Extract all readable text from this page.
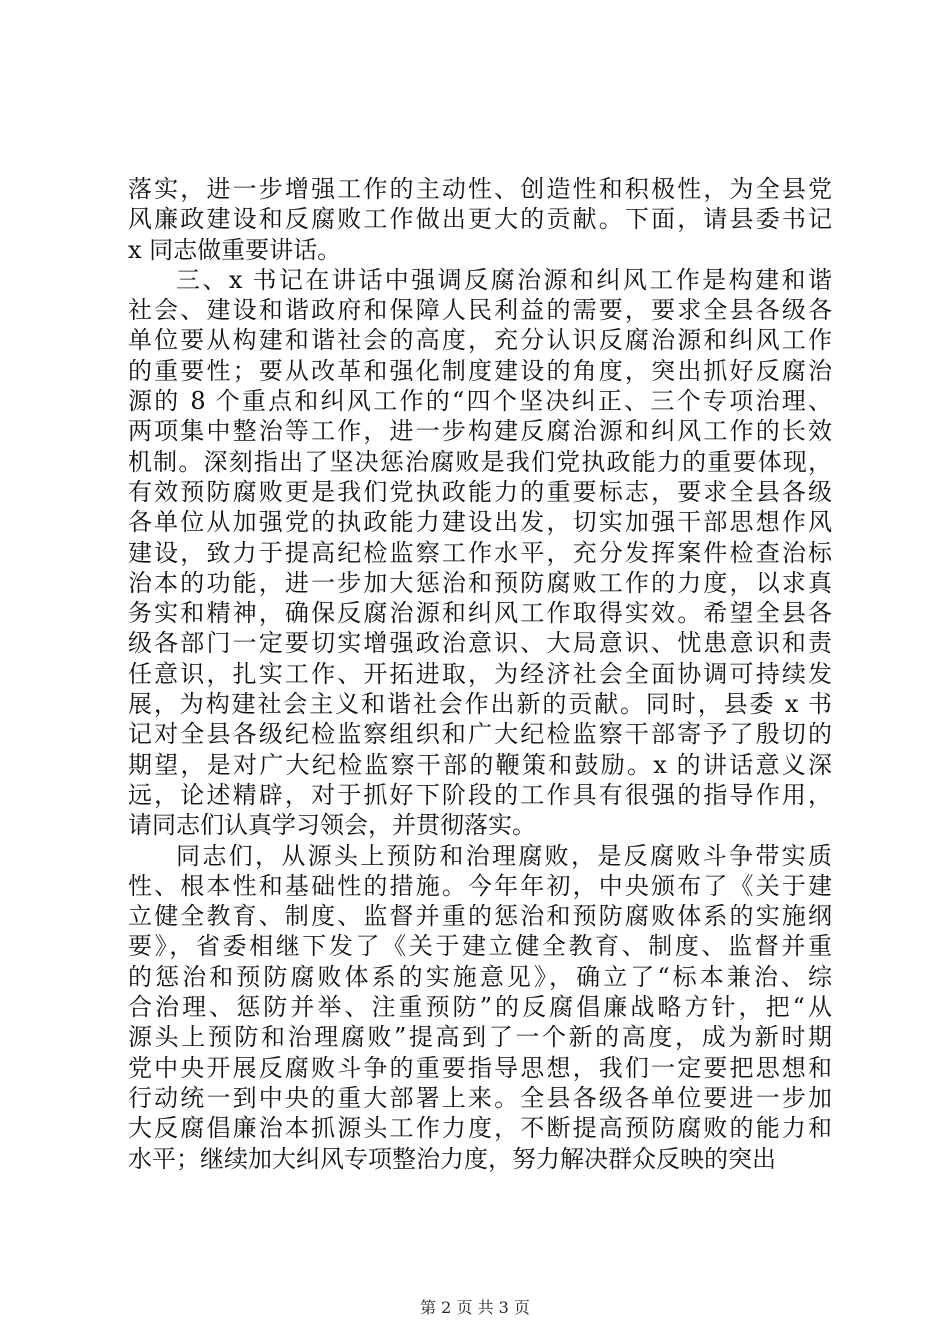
落实，进一步增强工作的主动性、创造性和积极性，为全县党
风廉政建设和反腐败工作做出更大的贡献。下面，请县委书记
x 同志做重要讲话。
三、x 书记在讲话中强调反腐治源和纠风工作是构建和谐
社会、建设和谐政府和保障人民利益的需要，要求全县各级各
单位要从构建和谐社会的高度，充分认识反腐治源和纠风工作
的重要性；要从改革和强化制度建设的角度，突出抓好反腐治
源的 8 个重点和纠风工作的“四个坚决纠正、三个专项治理、
两项集中整治等工作，进一步构建反腐治源和纠风工作的长效
机制。深刻指出了坚决惩治腐败是我们党执政能力的重要体现，
有效预防腐败更是我们党执政能力的重要标志，要求全县各级
各单位从加强党的执政能力建设出发，切实加强干部思想作风
建设，致力于提高纪检监察工作水平，充分发挥案件检查治标
治本的功能，进一步加大惩治和预防腐败工作的力度，以求真
务实和精神，确保反腐治源和纠风工作取得实效。希望全县各
级各部门一定要切实增强政治意识、大局意识、忧患意识和责
任意识，扎实工作、开拓进取，为经济社会全面协调可持续发
展，为构建社会主义和谐社会作出新的贡献。同时，县委 x 书
记对全县各级纪检监察组织和广大纪检监察干部寄予了殷切的
期望，是对广大纪检监察干部的鞭策和鼓励。x 的讲话意义深
远，论述精辟，对于抓好下阶段的工作具有很强的指导作用，
请同志们认真学习领会，并贯彻落实。
同志们，从源头上预防和治理腐败，是反腐败斗争带实质
性、根本性和基础性的措施。今年年初，中央颁布了《关于建
立健全教育、制度、监督并重的惩治和预防腐败体系的实施纲
要》，省委相继下发了《关于建立健全教育、制度、监督并重
的惩治和预防腐败体系的实施意见》，确立了“标本兼治、综
合治理、惩防并举、注重预防”的反腐倡廉战略方针，把“从
源头上预防和治理腐败”提高到了一个新的高度，成为新时期
党中央开展反腐败斗争的重要指导思想，我们一定要把思想和
行动统一到中央的重大部署上来。全县各级各单位要进一步加
大反腐倡廉治本抓源头工作力度，不断提高预防腐败的能力和
水平；继续加大纠风专项整治力度，努力解决群众反映的突出
第 2 页 共 3 页
